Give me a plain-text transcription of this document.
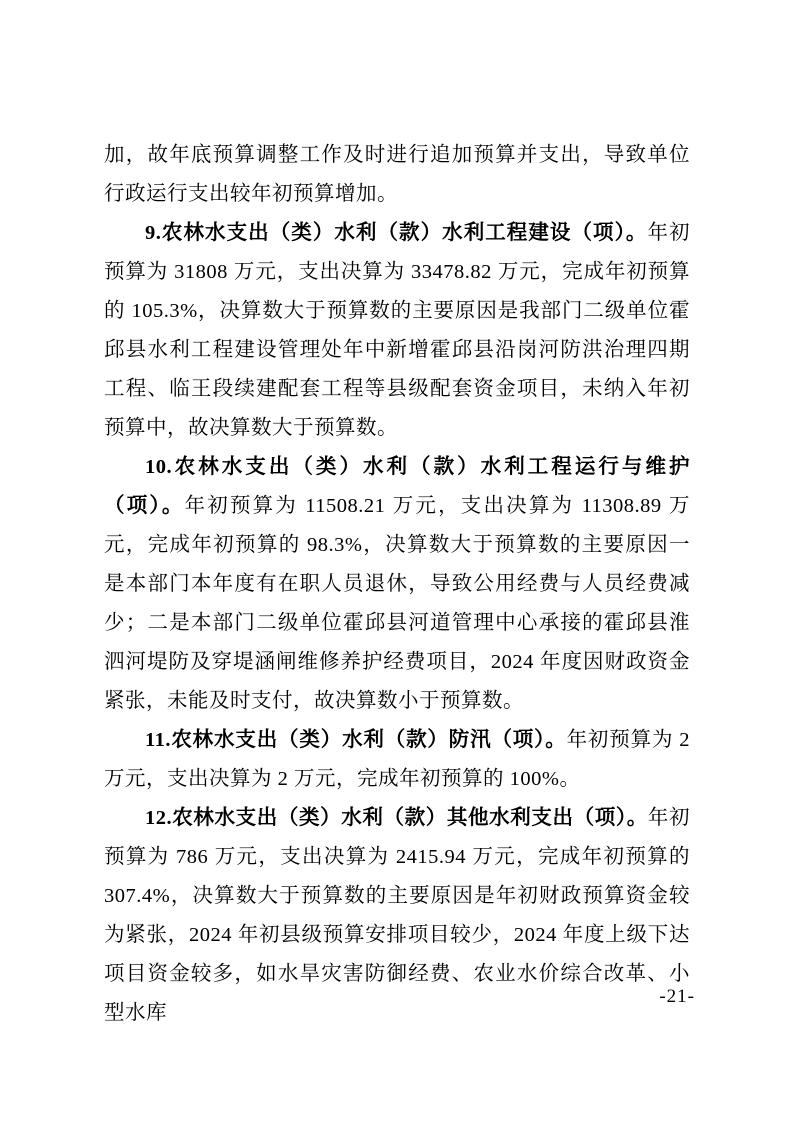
加，故年底预算调整工作及时进行追加预算并支出，导致单位行政运行支出较年初预算增加。

9.农林水支出（类）水利（款）水利工程建设（项）。年初预算为 31808 万元，支出决算为 33478.82 万元，完成年初预算的 105.3%，决算数大于预算数的主要原因是我部门二级单位霍邱县水利工程建设管理处年中新增霍邱县沿岗河防洪治理四期工程、临王段续建配套工程等县级配套资金项目，未纳入年初预算中，故决算数大于预算数。

10.农林水支出（类）水利（款）水利工程运行与维护（项）。年初预算为 11508.21 万元，支出决算为 11308.89 万元，完成年初预算的 98.3%，决算数大于预算数的主要原因一是本部门本年度有在职人员退休，导致公用经费与人员经费减少；二是本部门二级单位霍邱县河道管理中心承接的霍邱县淮泗河堤防及穿堤涵闸维修养护经费项目，2024 年度因财政资金紧张，未能及时支付，故决算数小于预算数。

11.农林水支出（类）水利（款）防汛（项）。年初预算为 2 万元，支出决算为 2 万元，完成年初预算的 100%。

12.农林水支出（类）水利（款）其他水利支出（项）。年初预算为 786 万元，支出决算为 2415.94 万元，完成年初预算的 307.4%，决算数大于预算数的主要原因是年初财政预算资金较为紧张，2024 年初县级预算安排项目较少，2024 年度上级下达项目资金较多，如水旱灾害防御经费、农业水价综合改革、小型水库

-21-
